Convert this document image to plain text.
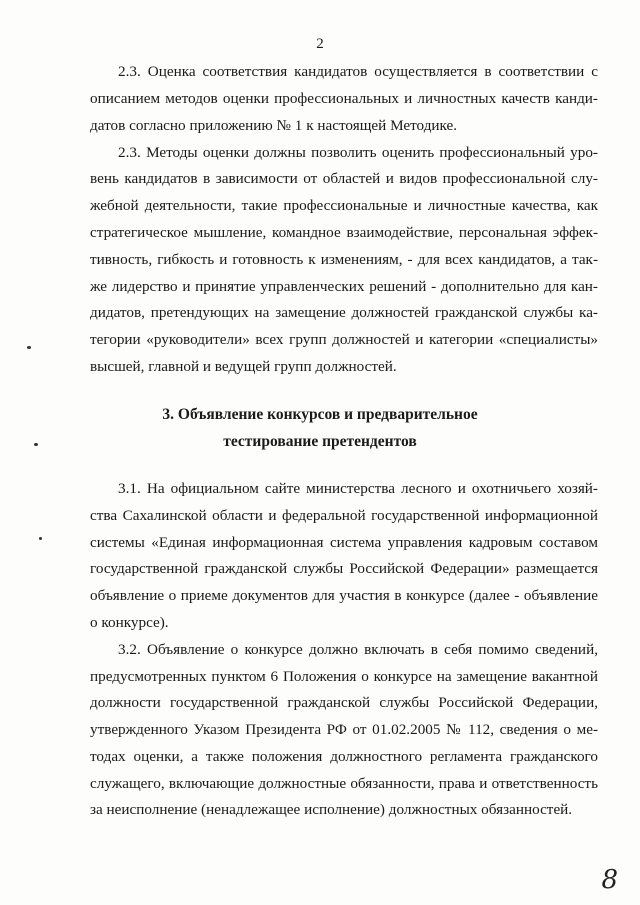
2
2.3. Оценка соответствия кандидатов осуществляется в соответствии с
описанием методов оценки профессиональных и личностных качеств канди-
датов согласно приложению № 1 к настоящей Методике.
2.3. Методы оценки должны позволить оценить профессиональный уро-
вень кандидатов в зависимости от областей и видов профессиональной слу-
жебной деятельности, такие профессиональные и личностные качества, как
стратегическое мышление, командное взаимодействие, персональная эффек-
тивность, гибкость и готовность к изменениям, - для всех кандидатов, а так-
же лидерство и принятие управленческих решений - дополнительно для кан-
дидатов, претендующих на замещение должностей гражданской службы ка-
тегории «руководители» всех групп должностей и категории «специалисты»
высшей, главной и ведущей групп должностей.
3. Объявление конкурсов и предварительное
тестирование претендентов
3.1. На официальном сайте министерства лесного и охотничьего хозяй-
ства Сахалинской области и федеральной государственной информационной
системы «Единая информационная система управления кадровым составом
государственной гражданской службы Российской Федерации» размещается
объявление о приеме документов для участия в конкурсе (далее - объявление
о конкурсе).
3.2. Объявление о конкурсе должно включать в себя помимо сведений,
предусмотренных пунктом 6 Положения о конкурсе на замещение вакантной
должности государственной гражданской службы Российской Федерации,
утвержденного Указом Президента РФ от 01.02.2005 № 112, сведения о ме-
тодах оценки, а также положения должностного регламента гражданского
служащего, включающие должностные обязанности, права и ответственность
за неисполнение (ненадлежащее исполнение) должностных обязанностей.
8
